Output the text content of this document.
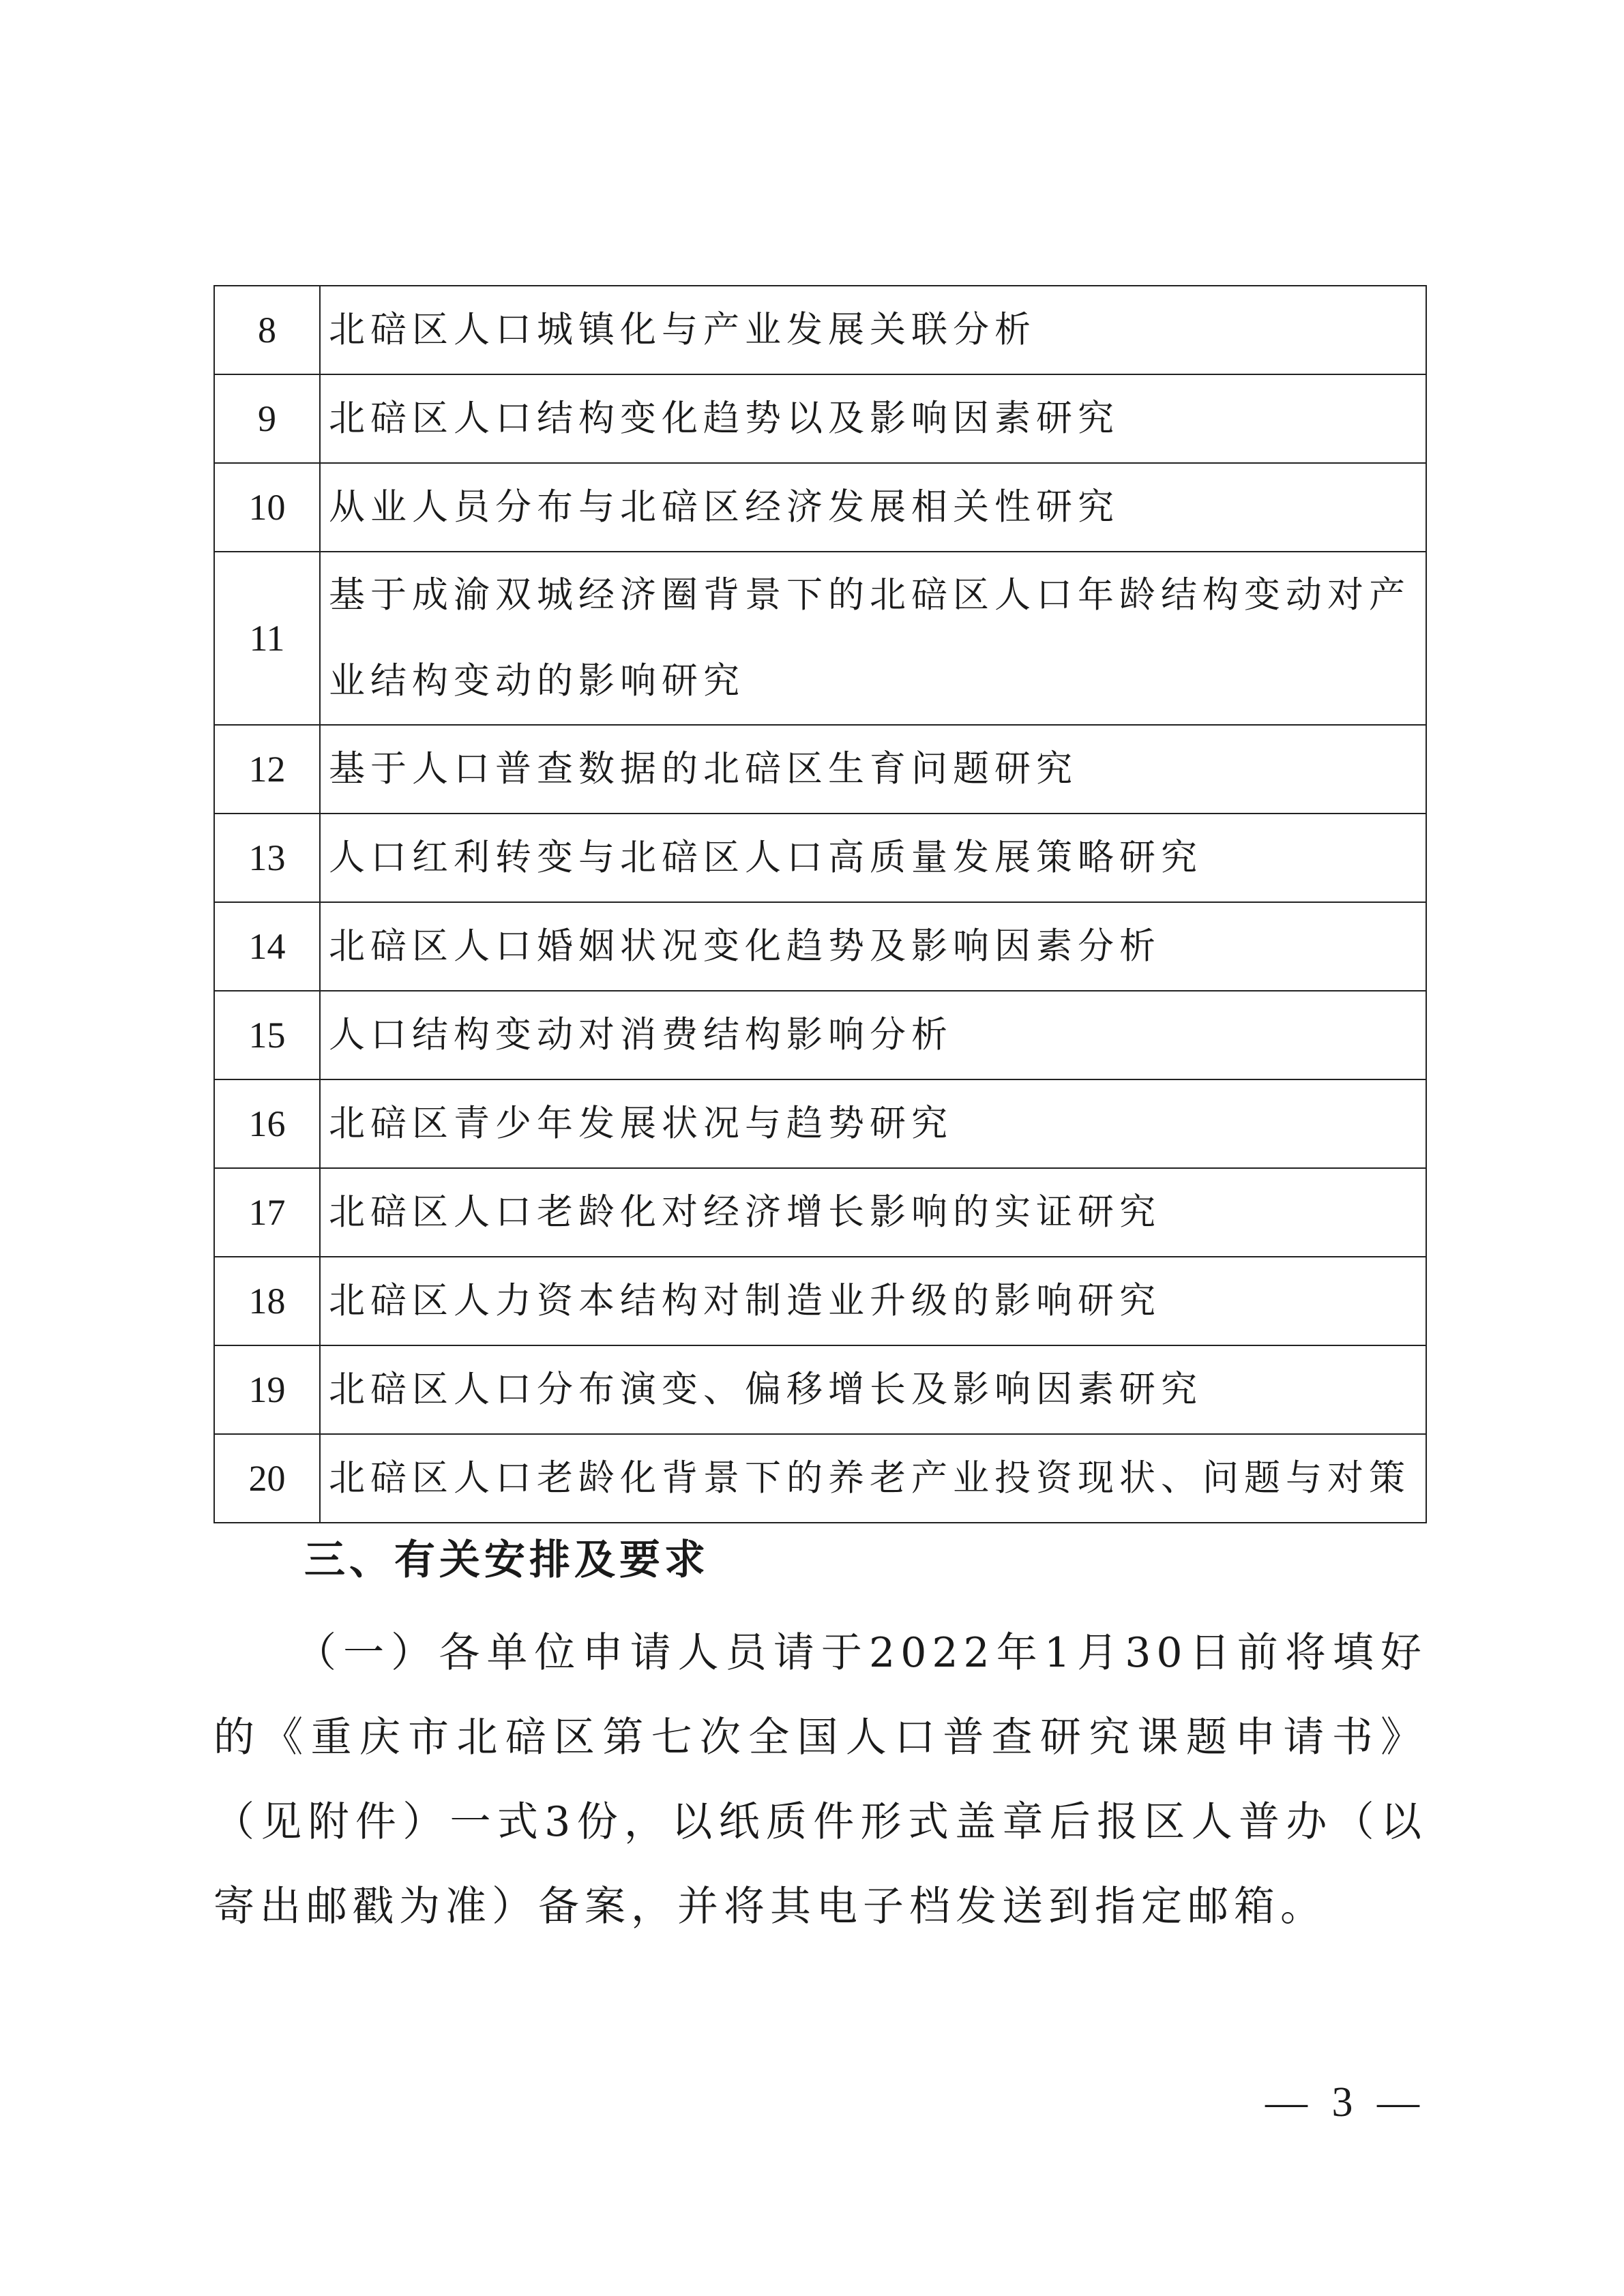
8	北碚区人口城镇化与产业发展关联分析
9	北碚区人口结构变化趋势以及影响因素研究
10	从业人员分布与北碚区经济发展相关性研究
11	基于成渝双城经济圈背景下的北碚区人口年龄结构变动对产业结构变动的影响研究
12	基于人口普查数据的北碚区生育问题研究
13	人口红利转变与北碚区人口高质量发展策略研究
14	北碚区人口婚姻状况变化趋势及影响因素分析
15	人口结构变动对消费结构影响分析
16	北碚区青少年发展状况与趋势研究
17	北碚区人口老龄化对经济增长影响的实证研究
18	北碚区人力资本结构对制造业升级的影响研究
19	北碚区人口分布演变、偏移增长及影响因素研究
20	北碚区人口老龄化背景下的养老产业投资现状、问题与对策
三、有关安排及要求

（一）各单位申请人员请于2022年1月30日前将填好的《重庆市北碚区第七次全国人口普查研究课题申请书》（见附件）一式3份，以纸质件形式盖章后报区人普办（以寄出邮戳为准）备案，并将其电子档发送到指定邮箱。

— 3 —
